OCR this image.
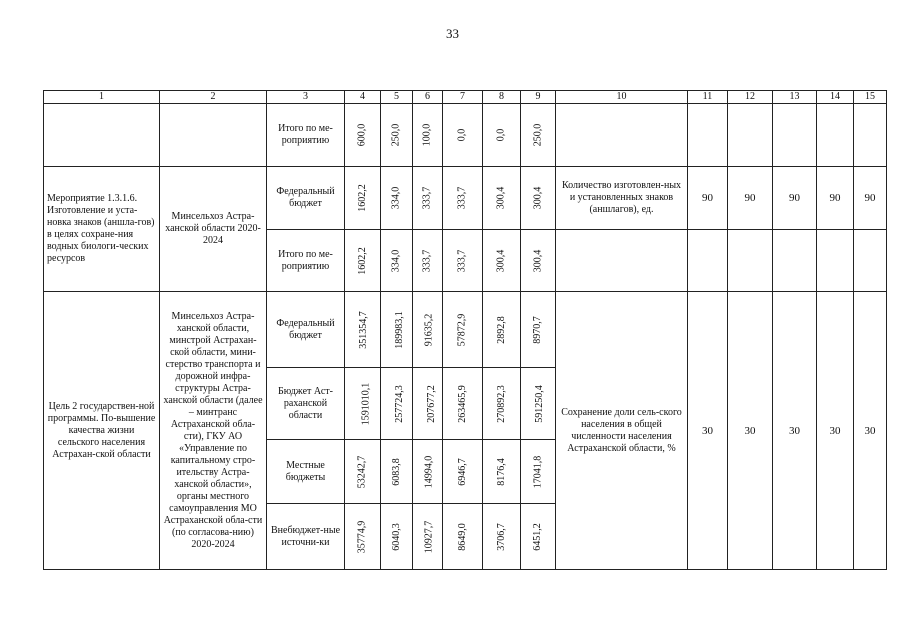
33
1	2	3	4	5	6	7	8	9	10	11	12	13	14	15
		Итого по ме-роприятию	600,0	250,0	100,0	0,0	0,0	250,0						
Мероприятие 1.3.1.6. Изготовление и уста-новка знаков (аншла-гов) в целях сохране-ния водных биологи-ческих ресурсов	Минсельхоз Астра-ханской области 2020-2024	Федеральный бюджет	1602,2	334,0	333,7	333,7	300,4	300,4	Количество изготовлен-ных и установленных знаков (аншлагов), ед.	90	90	90	90	90
		Итого по ме-роприятию	1602,2	334,0	333,7	333,7	300,4	300,4						
Цель 2 государствен-ной программы. По-вышение качества жизни сельского населения Астрахан-ской области	Минсельхоз Астра-ханской области, минстрой Астрахан-ской области, мини-стерство транспорта и дорожной инфра-структуры Астра-ханской области (далее – минтранс Астраханской обла-сти), ГКУ АО «Управление по капитальному стро-ительству Астра-ханской области», органы местного самоуправления МО Астраханской обла-сти (по согласова-нию) 2020-2024	Федеральный бюджет	351354,7	189983,1	91635,2	57872,9	2892,8	8970,7	Сохранение доли сель-ского населения в общей численности населения Астраханской области, %	30	30	30	30	30
		Бюджет Аст-раханской области	1591010,1	257724,3	207677,2	263465,9	270892,3	591250,4						
		Местные бюджеты	53242,7	6083,8	14994,0	6946,7	8176,4	17041,8						
		Внебюджет-ные источни-ки	35774,9	6040,3	10927,7	8649,0	3706,7	6451,2						
